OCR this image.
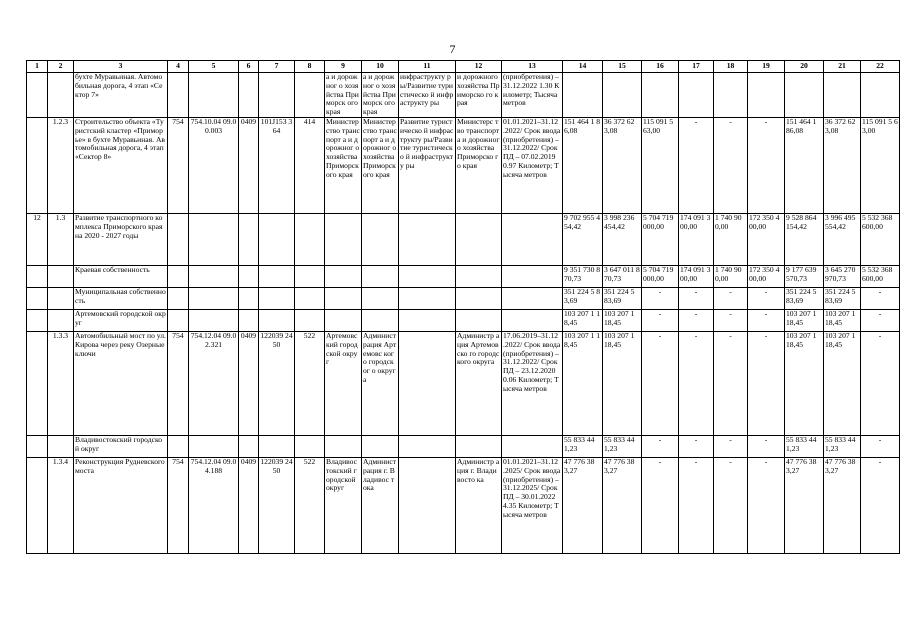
7
1	2	3	4	5	6	7	8	9	10	11	12	13	14	15	16	17	18	19	20	21	22
		бухте Муравьиная. Автомобильная дорога, 4 этап «Сектор 7»						а и дорожног о хозяйства Приморск ого края	а и дорожног о хозяйства Приморск ого края	инфраструкту ры/Развитие туристическо й инфраструкту ры	и дорожного хозяйства Приморско го края	(приобретения) – 31.12.2022 1.30 Километр; Тысяча метров									
	1.2.3	Строительство объекта «Туристский кластер «Приморье» в бухте Муравьиная. Автомобильная дорога, 4 этап «Сектор 8»	754	754.10.04 09.00.003	0409	101J153 364	414	Министер ство транспорт а и дорожног о хозяйства Приморск ого края	Министер ство транспорт а и дорожног о хозяйства Приморск ого края	Развитие туристическо й инфраструкту ры/Развитие туристическо й инфраструкту ры	Министерс тво транспорта и дорожного хозяйства Приморско го края	01.01.2021–31.12 .2022/ Срок ввода (приобретения) – 31.12.2022/ Срок ПД – 07.02.2019 0.97 Километр; Тысяча метров	151 464 1 86,08	36 372 62 3,08	115 091 5 63,00	-	-	-	151 464 1 86,08	36 372 62 3,08	115 091 5 63,00
12	1.3	Развитие транспортного комплекса Приморского края на 2020 - 2027 годы											9 702 955 454,42	3 998 236 454,42	5 704 719 000,00	174 091 300,00	1 740 90 0,00	172 350 4 00,00	9 528 864 154,42	3 996 495 554,42	5 532 368 600,00
		Краевая собственность											9 351 730 870,73	3 647 011 870,73	5 704 719 000,00	174 091 300,00	1 740 90 0,00	172 350 4 00,00	9 177 639 570,73	3 645 270 970,73	5 532 368 600,00
		Муниципальная собственность											351 224 5 83,69	351 224 5 83,69	-	-	-	-	351 224 5 83,69	351 224 5 83,69	-
		Артемовский городской округ											103 207 1 18,45	103 207 1 18,45	-	-	-	-	103 207 1 18,45	103 207 1 18,45	-
	1.3.3	Автомобильный мост по ул. Кирова через реку Озерные ключи	754	754.12.04 09.02.321	0409	122039 2450	522	Артемовс кий городской округ	Админист рация Артемовс кого городског о округа		Администр ация Артемовско го городского округа	17.06.2019–31.12 .2022/ Срок ввода (приобретения) – 31.12.2022/ Срок ПД – 23.12.2020 0.06 Километр; Тысяча метров	103 207 1 18,45	103 207 1 18,45	-	-	-	-	103 207 1 18,45	103 207 1 18,45	-
		Владивостокский городской округ											55 833 44 1,23	55 833 44 1,23	-	-	-	-	55 833 44 1,23	55 833 44 1,23	-
	1.3.4	Реконструкция Рудневского моста	754	754.12.04 09.04.188	0409	122039 2450	522	Владивос токский городской округ	Админист рация г. Владивос тока		Администр ация г. Владивосто ка	01.01.2021–31.12 .2025/ Срок ввода (приобретения) – 31.12.2025/ Срок ПД – 30.01.2022 4.35 Километр; Тысяча метров	47 776 38 3,27	47 776 38 3,27	-	-	-	-	47 776 38 3,27	47 776 38 3,27	-
